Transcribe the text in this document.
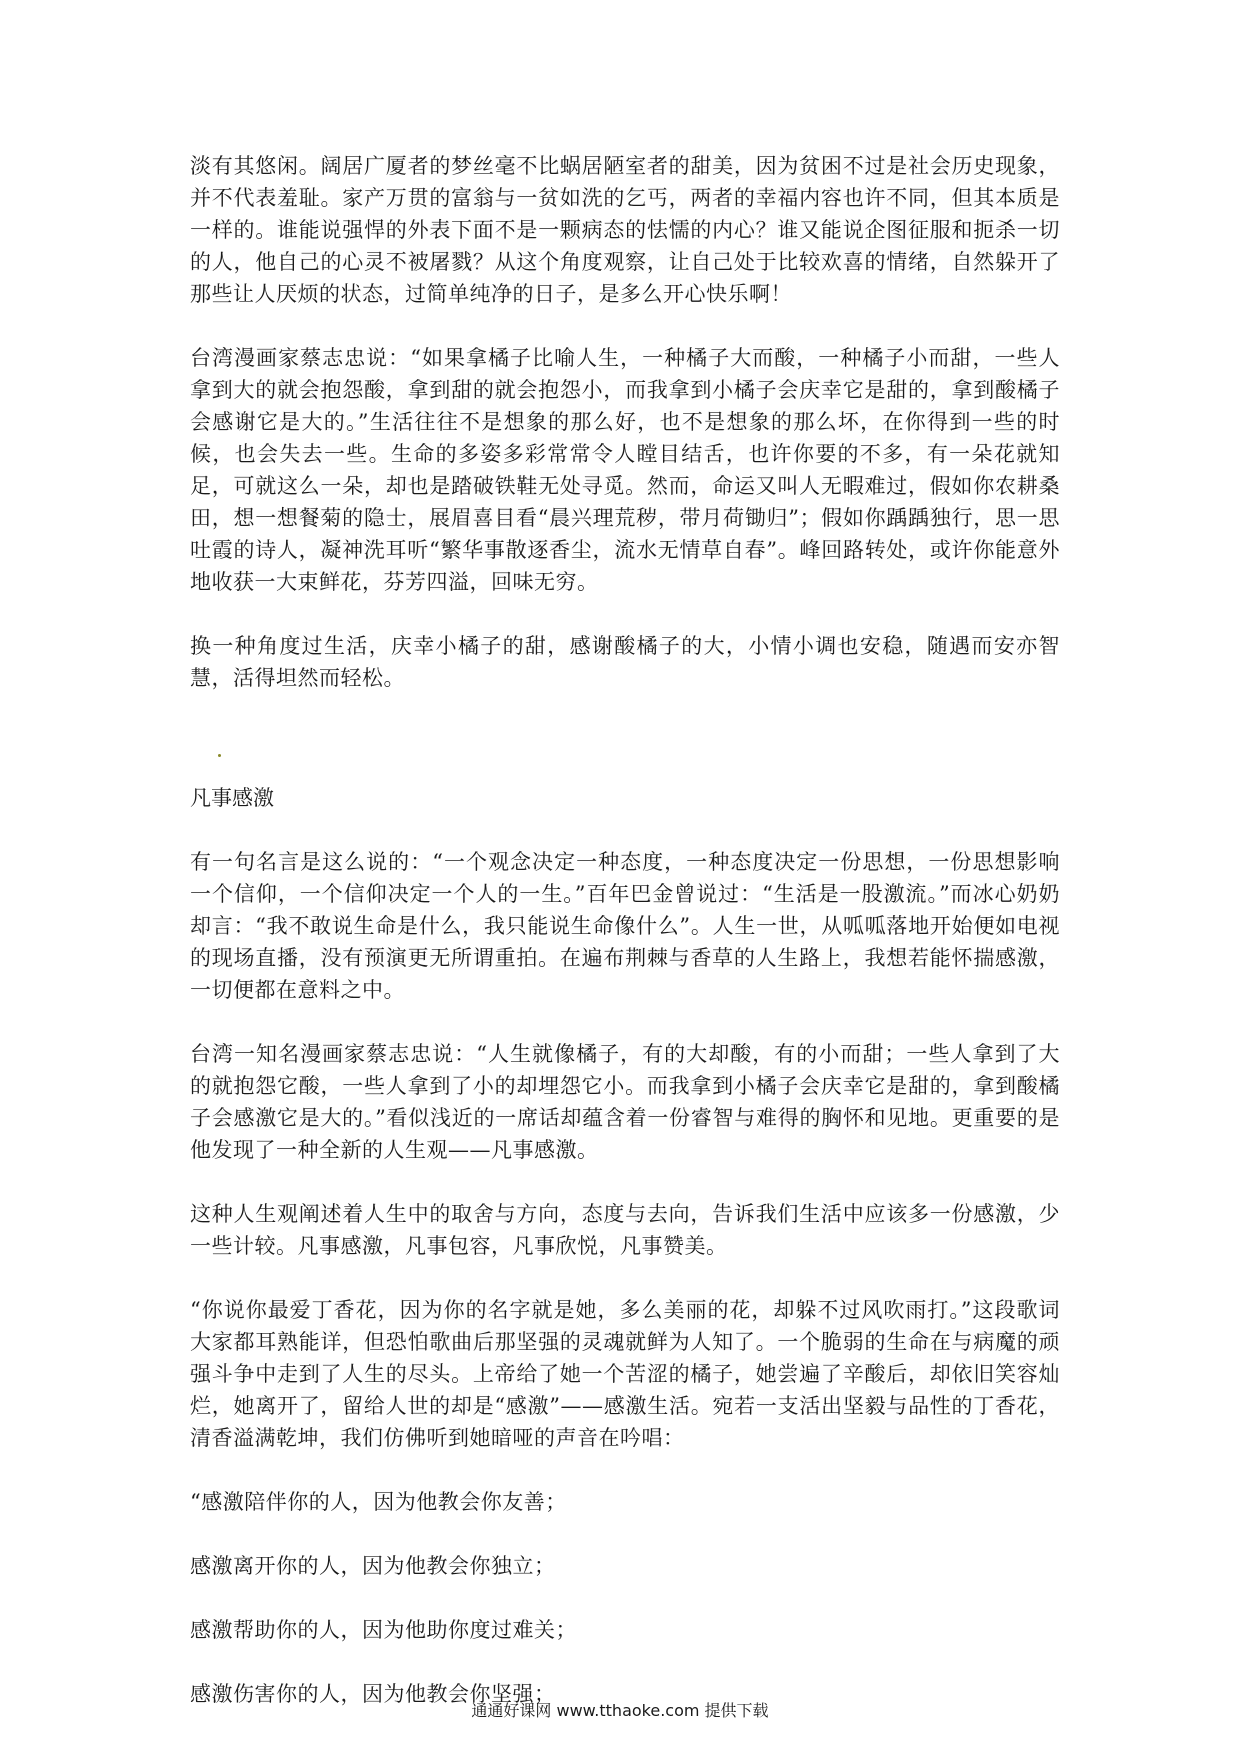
淡有其悠闲。阔居广厦者的梦丝毫不比蜗居陋室者的甜美，因为贫困不过是社会历史现象，并不代表羞耻。家产万贯的富翁与一贫如洗的乞丐，两者的幸福内容也许不同，但其本质是一样的。谁能说强悍的外表下面不是一颗病态的怯懦的内心？谁又能说企图征服和扼杀一切的人，他自己的心灵不被屠戮？从这个角度观察，让自己处于比较欢喜的情绪，自然躲开了那些让人厌烦的状态，过简单纯净的日子，是多么开心快乐啊！

台湾漫画家蔡志忠说：“如果拿橘子比喻人生，一种橘子大而酸，一种橘子小而甜，一些人拿到大的就会抱怨酸，拿到甜的就会抱怨小，而我拿到小橘子会庆幸它是甜的，拿到酸橘子会感谢它是大的。”生活往往不是想象的那么好，也不是想象的那么坏，在你得到一些的时候，也会失去一些。生命的多姿多彩常常令人瞠目结舌，也许你要的不多，有一朵花就知足，可就这么一朵，却也是踏破铁鞋无处寻觅。然而，命运又叫人无暇难过，假如你农耕桑田，想一想餐菊的隐士，展眉喜目看“晨兴理荒秽，带月荷锄归”；假如你踽踽独行，思一思吐霞的诗人，凝神洗耳听“繁华事散逐香尘，流水无情草自春”。峰回路转处，或许你能意外地收获一大束鲜花，芬芳四溢，回味无穷。

换一种角度过生活，庆幸小橘子的甜，感谢酸橘子的大，小情小调也安稳，随遇而安亦智慧，活得坦然而轻松。

凡事感激

有一句名言是这么说的：“一个观念决定一种态度，一种态度决定一份思想，一份思想影响一个信仰，一个信仰决定一个人的一生。”百年巴金曾说过：“生活是一股激流。”而冰心奶奶却言：“我不敢说生命是什么，我只能说生命像什么”。人生一世，从呱呱落地开始便如电视的现场直播，没有预演更无所谓重拍。在遍布荆棘与香草的人生路上，我想若能怀揣感激，一切便都在意料之中。

台湾一知名漫画家蔡志忠说：“人生就像橘子，有的大却酸，有的小而甜；一些人拿到了大的就抱怨它酸，一些人拿到了小的却埋怨它小。而我拿到小橘子会庆幸它是甜的，拿到酸橘子会感激它是大的。”看似浅近的一席话却蕴含着一份睿智与难得的胸怀和见地。更重要的是他发现了一种全新的人生观——凡事感激。

这种人生观阐述着人生中的取舍与方向，态度与去向，告诉我们生活中应该多一份感激，少一些计较。凡事感激，凡事包容，凡事欣悦，凡事赞美。

“你说你最爱丁香花，因为你的名字就是她，多么美丽的花，却躲不过风吹雨打。”这段歌词大家都耳熟能详，但恐怕歌曲后那坚强的灵魂就鲜为人知了。一个脆弱的生命在与病魔的顽强斗争中走到了人生的尽头。上帝给了她一个苦涩的橘子，她尝遍了辛酸后，却依旧笑容灿烂，她离开了，留给人世的却是“感激”——感激生活。宛若一支活出坚毅与品性的丁香花，清香溢满乾坤，我们仿佛听到她暗哑的声音在吟唱：

“感激陪伴你的人，因为他教会你友善；

感激离开你的人，因为他教会你独立；

感激帮助你的人，因为他助你度过难关；

感激伤害你的人，因为他教会你坚强；

通通好课网 www.tthaoke.com 提供下载
